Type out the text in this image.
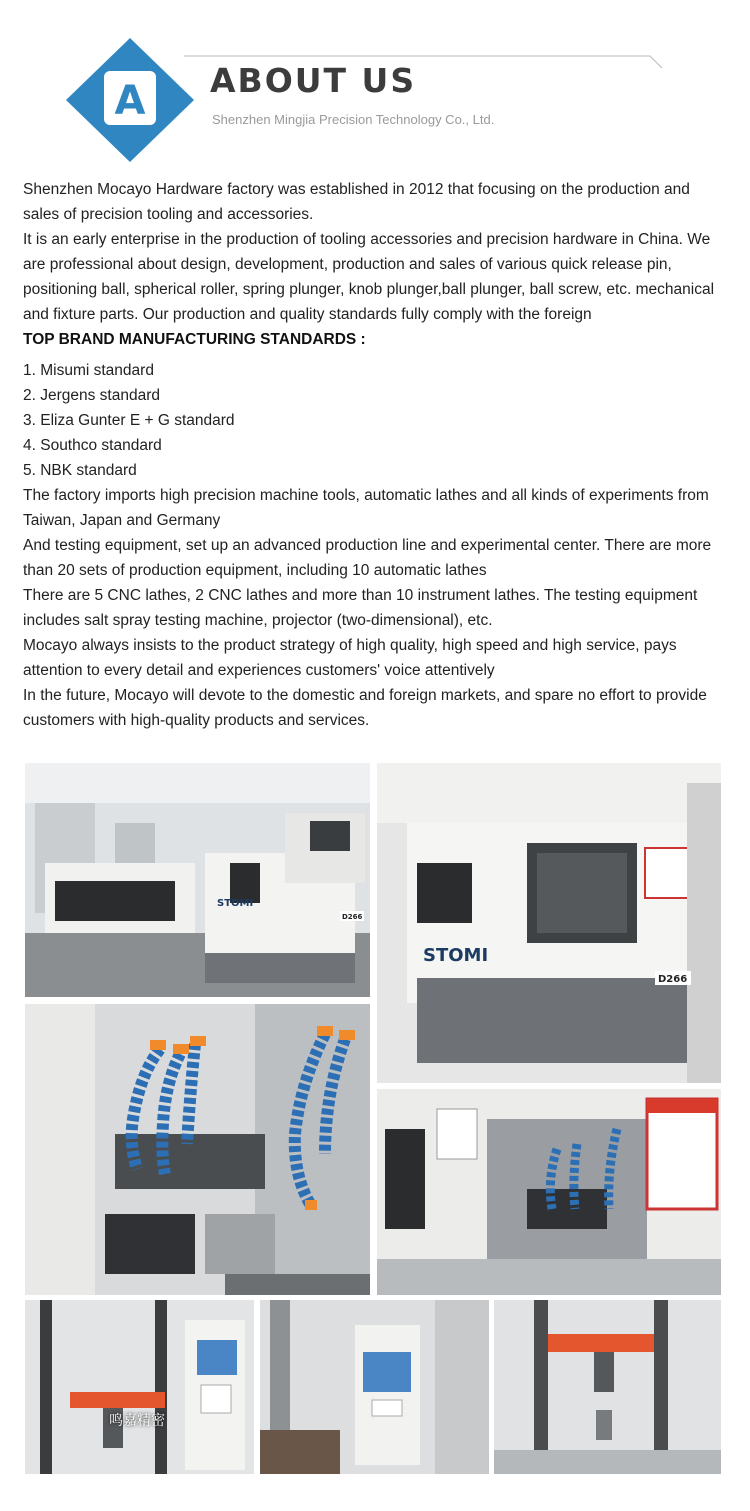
A ABOUT US

Shenzhen Mingjia Precision Technology Co., Ltd.

Shenzhen Mocayo Hardware factory was established in 2012 that focusing on the production and sales of precision tooling and accessories.

It is an early enterprise in the production of tooling accessories and precision hardware in China. We are professional about design, development, production and sales of various quick release pin, positioning ball, spherical roller, spring plunger, knob plunger,ball plunger, ball screw, etc. mechanical and fixture parts. Our production and quality standards fully comply with the foreign

TOP BRAND MANUFACTURING STANDARDS :

1. Misumi standard

2. Jergens standard

3. Eliza Gunter E + G standard

4. Southco standard

5. NBK standard

The factory imports high precision machine tools, automatic lathes and all kinds of experiments from Taiwan, Japan and Germany

And testing equipment, set up an advanced production line and experimental center. There are more than 20 sets of production equipment, including 10 automatic lathes

There are 5 CNC lathes, 2 CNC lathes and more than 10 instrument lathes. The testing equipment includes salt spray testing machine, projector (two-dimensional), etc.

Mocayo always insists to the product strategy of high quality, high speed and high service, pays attention to every detail and experiences customers' voice attentively

In the future, Mocayo will devote to the domestic and foreign markets, and spare no effort to provide customers with high-quality products and services.

STOMI
D266
STOMI
D266
鸣嘉精密
